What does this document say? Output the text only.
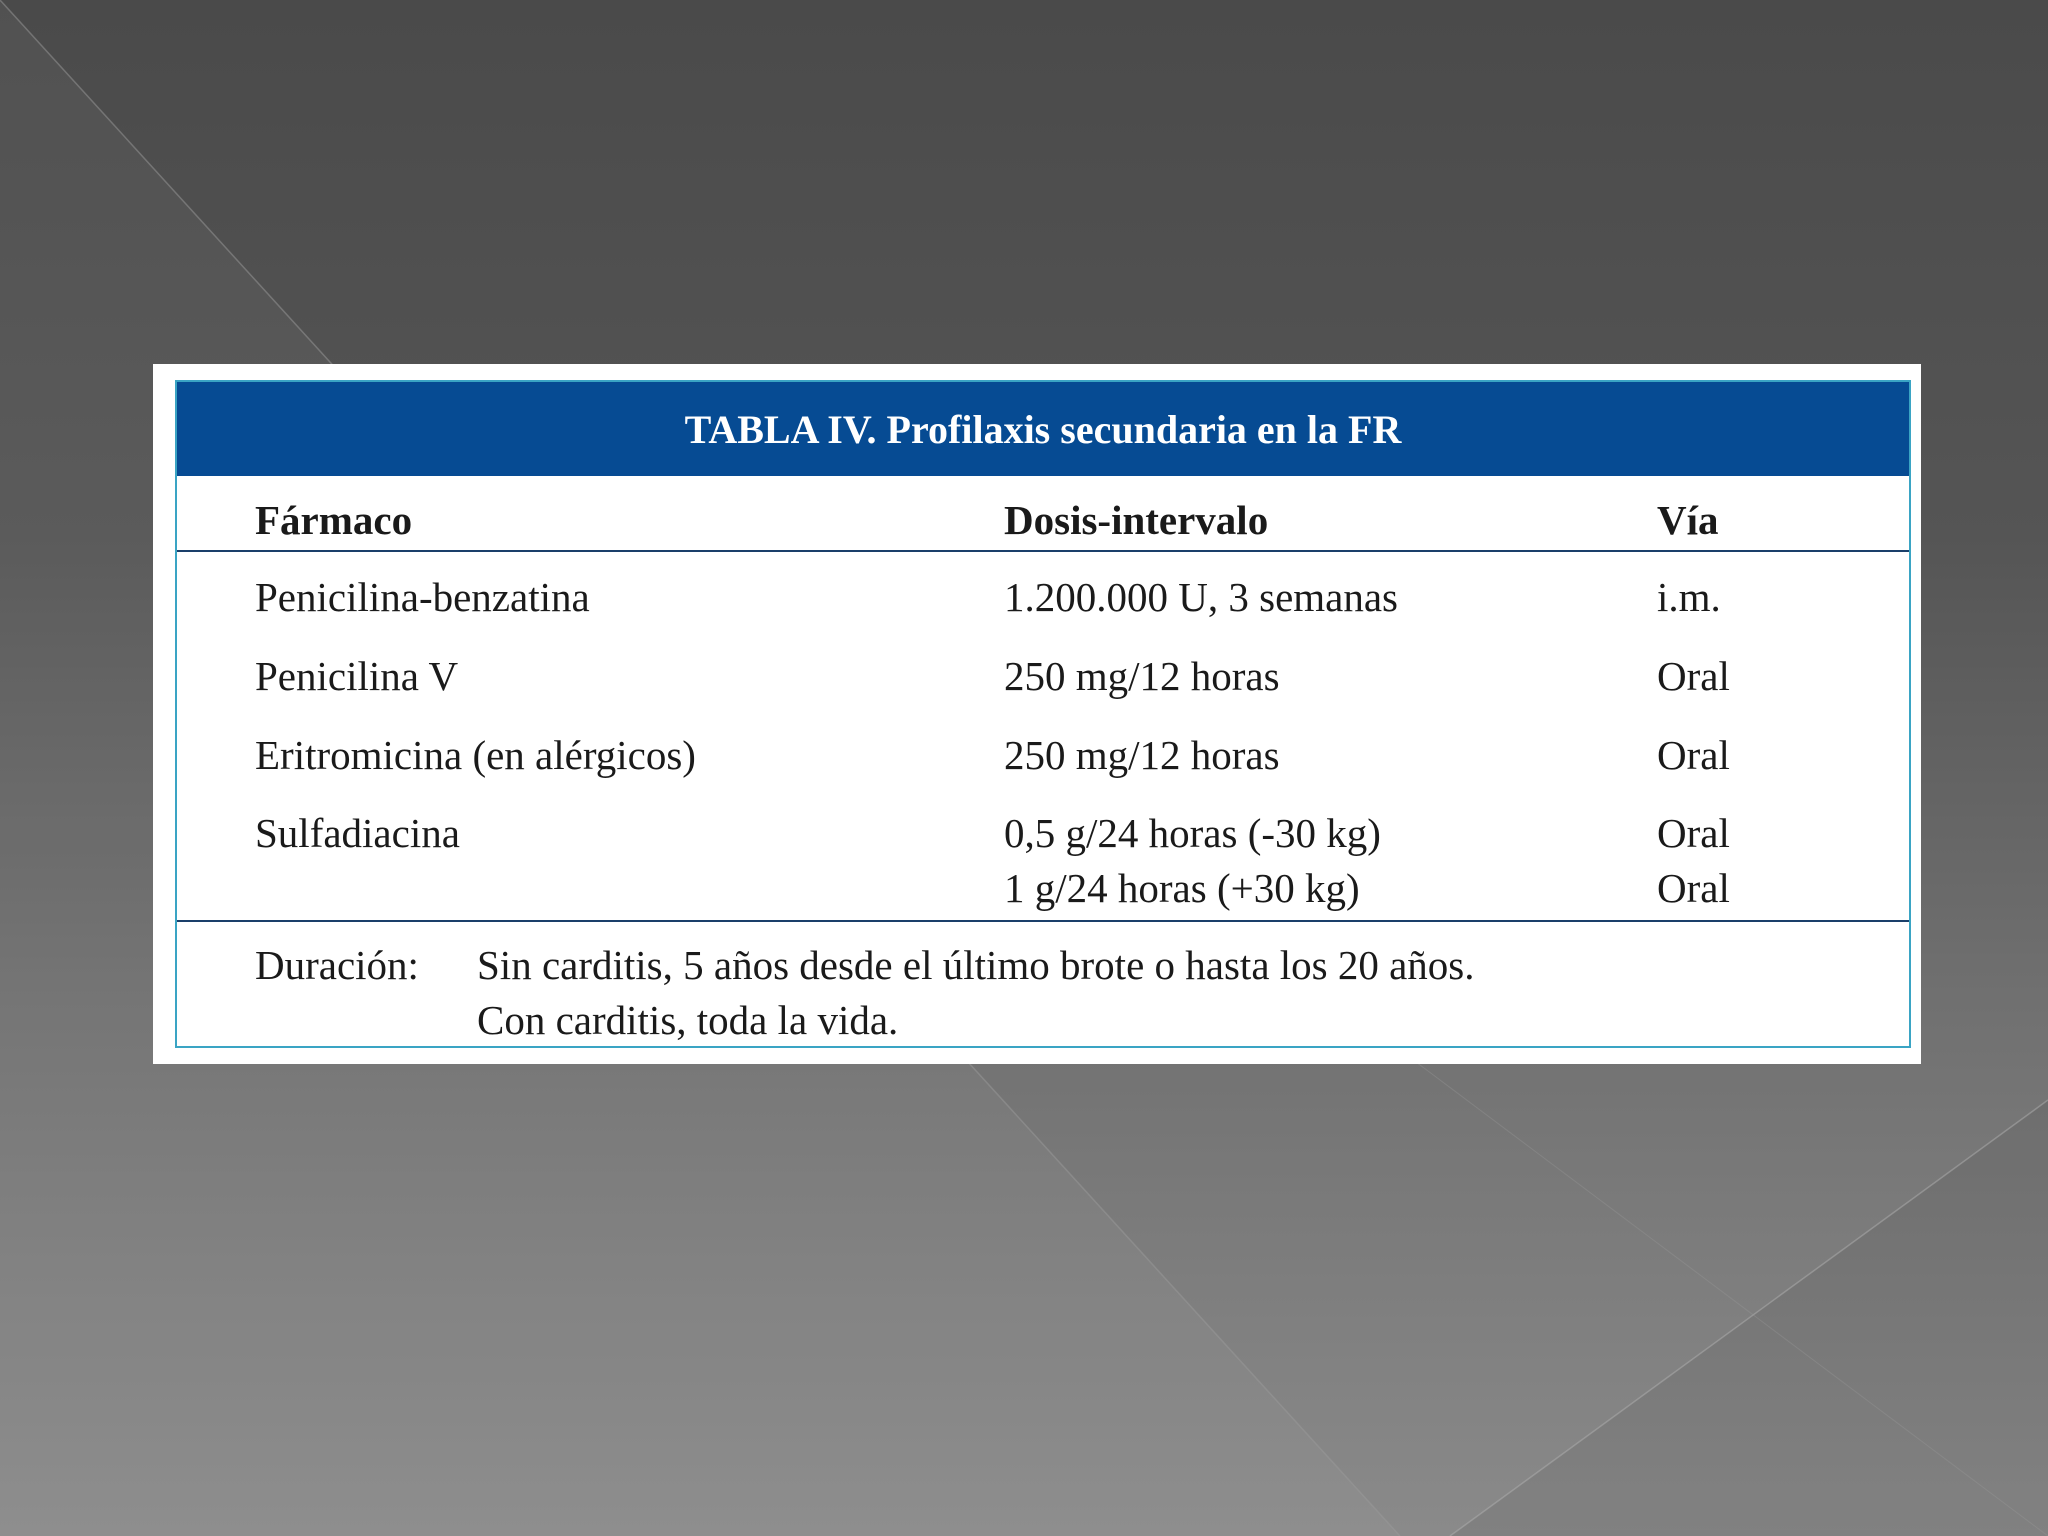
TABLA IV. Profilaxis secundaria en la FR
Fármaco	Dosis-intervalo	Vía
Penicilina-benzatina	1.200.000 U, 3 semanas	i.m.
Penicilina V	250 mg/12 horas	Oral
Eritromicina (en alérgicos)	250 mg/12 horas	Oral
Sulfadiacina	0,5 g/24 horas (-30 kg)	Oral
1 g/24 horas (+30 kg)	Oral
Duración: Sin carditis, 5 años desde el último brote o hasta los 20 años.
Con carditis, toda la vida.
